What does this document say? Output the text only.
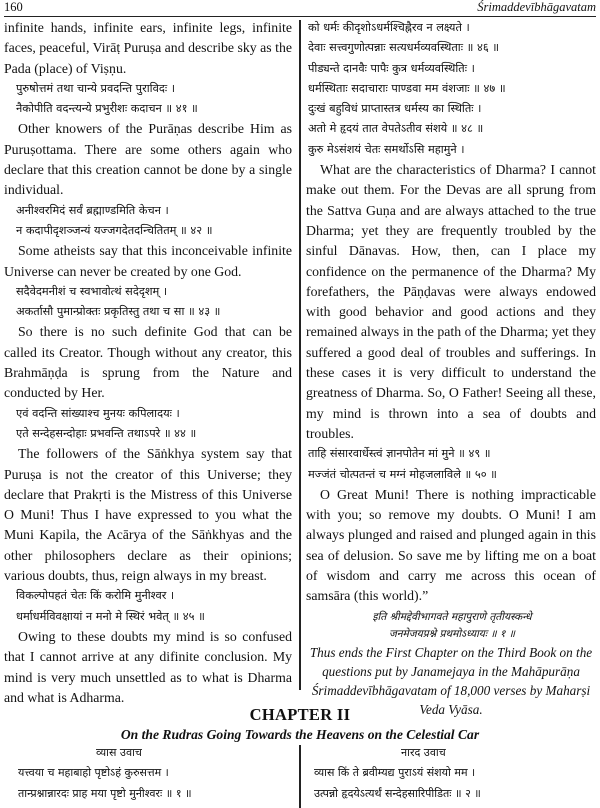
160	Śrimaddevībhāgavatam

infinite hands, infinite ears, infinite legs, infinite faces, peaceful, Virāṭ Puruṣa and describe sky as the Pada (place) of Viṣṇu.

पुरुषोत्तमं तथा चान्ये प्रवदन्ति पुराविदः ।

नैकोपीति वदन्त्यन्ये प्रभुरीशः कदाचन ॥ ४१ ॥

Other knowers of the Purāṇas describe Him as Puruṣottama. There are some others again who declare that this creation cannot be done by a single individual.

अनीश्वरमिदं सर्वं ब्रह्माण्डमिति केचन ।

न कदापीदृशञ्जन्यं यज्जगदेतदन्चितितम् ॥ ४२ ॥

Some atheists say that this inconceivable infinite Universe can never be created by one God.

सदैवेदमनीशं च स्वभावोत्थं सदेदृशम् ।

अकर्तासौ पुमान्प्रोक्तः प्रकृतिस्तु तथा च सा ॥ ४३ ॥

So there is no such definite God that can be called its Creator. Though without any creator, this Brahmāṇḍa is sprung from the Nature and conducted by Her.

एवं वदन्ति सांख्याश्च मुनयः कपिलादयः ।

एते सन्देहसन्दोहाः प्रभवन्ति तथाऽपरे ॥ ४४ ॥

The followers of the Sāṅkhya system say that Puruṣa is not the creator of this Universe; they declare that Prakṛti is the Mistress of this Universe O Muni! Thus I have expressed to you what the Muni Kapila, the Acārya of the Sāṅkhyas and the other philosophers declare as their opinions; various doubts, thus, reign always in my breast.

विकल्पोपहतं चेतः किं करोमि मुनीश्वर ।

धर्माधर्मविवक्षायां न मनो मे स्थिरं भवेत् ॥ ४५ ॥

Owing to these doubts my mind is so confused that I cannot arrive at any difinite conclusion. My mind is very much unsettled as to what is Dharma and what is Adharma.

को धर्मः कीदृशोऽधर्मश्चिह्नैरव न लक्ष्यते ।

देवाः सत्त्वगुणोत्पन्नाः सत्यधर्मव्यवस्थिताः ॥ ४६ ॥

पीड्यन्ते दानवैः पापैः कुत्र धर्मव्यवस्थितिः ।

धर्मस्थिताः सदाचाराः पाण्डवा मम वंशजाः ॥ ४७ ॥

दुःखं बहुविधं प्राप्तास्तत्र धर्मस्य का स्थितिः ।

अतो मे हृदयं तात वेपतेऽतीव संशये ॥ ४८ ॥

कुरु मेऽसंशयं चेतः समर्थोऽसि महामुने ।

What are the characteristics of Dharma? I cannot make out them. For the Devas are all sprung from the Sattva Guṇa and are always attached to the true Dharma; yet they are frequently troubled by the sinful Dānavas. How, then, can I place my confidence on the permanence of the Dharma? My forefathers, the Pāṇḍavas were always endowed with good behavior and good actions and they remained always in the path of the Dharma; yet they suffered a good deal of troubles and sufferings. In these cases it is very difficult to understand the greatness of Dharma. So, O Father! Seeing all these, my mind is thrown into a sea of doubts and troubles.

ताहि संसारवार्धेस्त्वं ज्ञानपोतेन मां मुने ॥ ४९ ॥

मज्जंतं चोत्पतन्तं च मग्नं मोहजलाविले ॥ ५० ॥

O Great Muni! There is nothing impracticable with you; so remove my doubts. O Muni! I am always plunged and raised and plunged again in this sea of delusion. So save me by lifting me on a boat of wisdom and carry me across this ocean of samsāra (this world).”

इति श्रीमद्देवीभागवते महापुराणे तृतीयस्कन्धे

जनमेजयप्रश्ने प्रथमोऽध्यायः ॥ १ ॥

Thus ends the First Chapter on the Third Book on the questions put by Janamejaya in the Mahāpurāṇa Śrimaddevībhāgavatam of 18,000 verses by Maharṣi Veda Vyāsa.

CHAPTER II
On the Rudras Going Towards the Heavens on the Celestial Car
व्यास उवाच	नारद उवाच
यत्त्वया च महाबाहो पृष्टोऽहं कुरुसत्तम ।
तान्प्रश्नान्नारदः प्राह मया पृष्टो मुनीश्वरः ॥ १ ॥
व्यास किं ते ब्रवीम्यद्य पुराऽयं संशयो मम ।
उत्पन्नो हृदयेऽत्यर्थं सन्देहसारिपीडितः ॥ २ ॥
